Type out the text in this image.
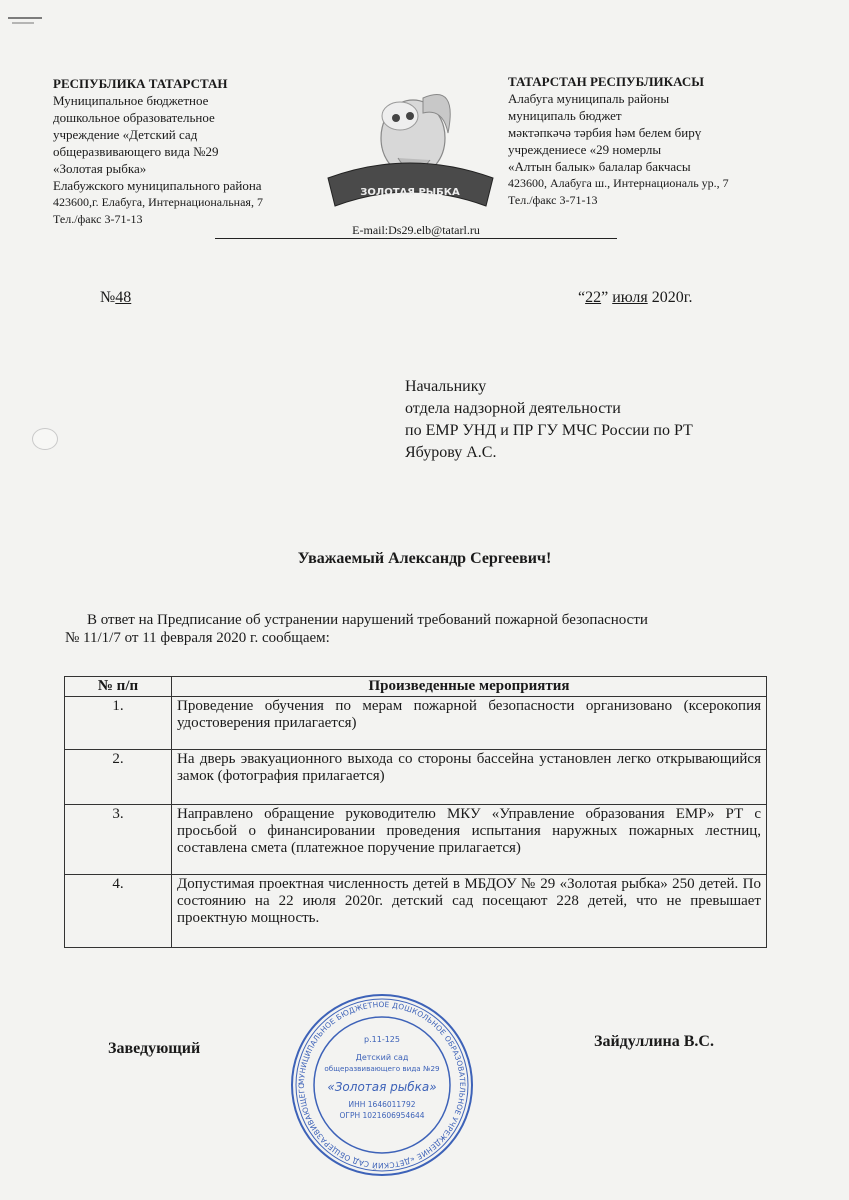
РЕСПУБЛИКА ТАТАРСТАН
Муниципальное бюджетное
дошкольное образовательное
учреждение «Детский сад
общеразвивающего вида №29
«Золотая рыбка»
Елабужского муниципального района
423600,г. Елабуга, Интернациональная, 7
Тел./факс 3-71-13
ЗОЛОТАЯ РЫБКА
ТАТАРСТАН РЕСПУБЛИКАСЫ
Алабуга муниципаль районы
муниципаль бюджет
мәктәпкәчә тәрбия һәм белем бирү
учреждениесе «29 номерлы
«Алтын балык» балалар бакчасы
423600, Алабуга ш., Интернациональ ур., 7
Тел./факс 3-71-13
E-mail:Ds29.elb@tatarl.ru
№48	“22” июля 2020г.
Начальнику
отдела надзорной деятельности
по ЕМР УНД и ПР ГУ МЧС России по РТ
Ябурову А.С.
Уважаемый Александр Сергеевич!
В ответ на Предписание об устранении нарушений требований пожарной безопасности
№ 11/1/7 от 11 февраля 2020 г. сообщаем:
№ п/п	Произведенные мероприятия
1.	Проведение обучения по мерам пожарной безопасности организовано (ксерокопия удостоверения прилагается)
2.	На дверь эвакуационного выхода со стороны бассейна установлен легко открывающийся замок (фотография прилагается)
3.	Направлено обращение руководителю МКУ «Управление образования ЕМР» РТ с просьбой о финансировании проведения испытания наружных пожарных лестниц, составлена смета (платежное поручение прилагается)
4.	Допустимая проектная численность детей в МБДОУ № 29 «Золотая рыбка» 250 детей. По состоянию на 22 июля 2020г. детский сад посещают 228 детей, что не превышает проектную мощность.
Заведующий	Зайдуллина В.С.
МУНИЦИПАЛЬНОЕ БЮДЖЕТНОЕ ДОШКОЛЬНОЕ ОБРАЗОВАТЕЛЬНОЕ УЧРЕЖДЕНИЕ «ДЕТСКИЙ САД ОБЩЕРАЗВИВАЮЩЕГО
р.11-125
Детский сад
общеразвивающего вида №29
«Золотая рыбка»
ИНН 1646011792
ОГРН 1021606954644
